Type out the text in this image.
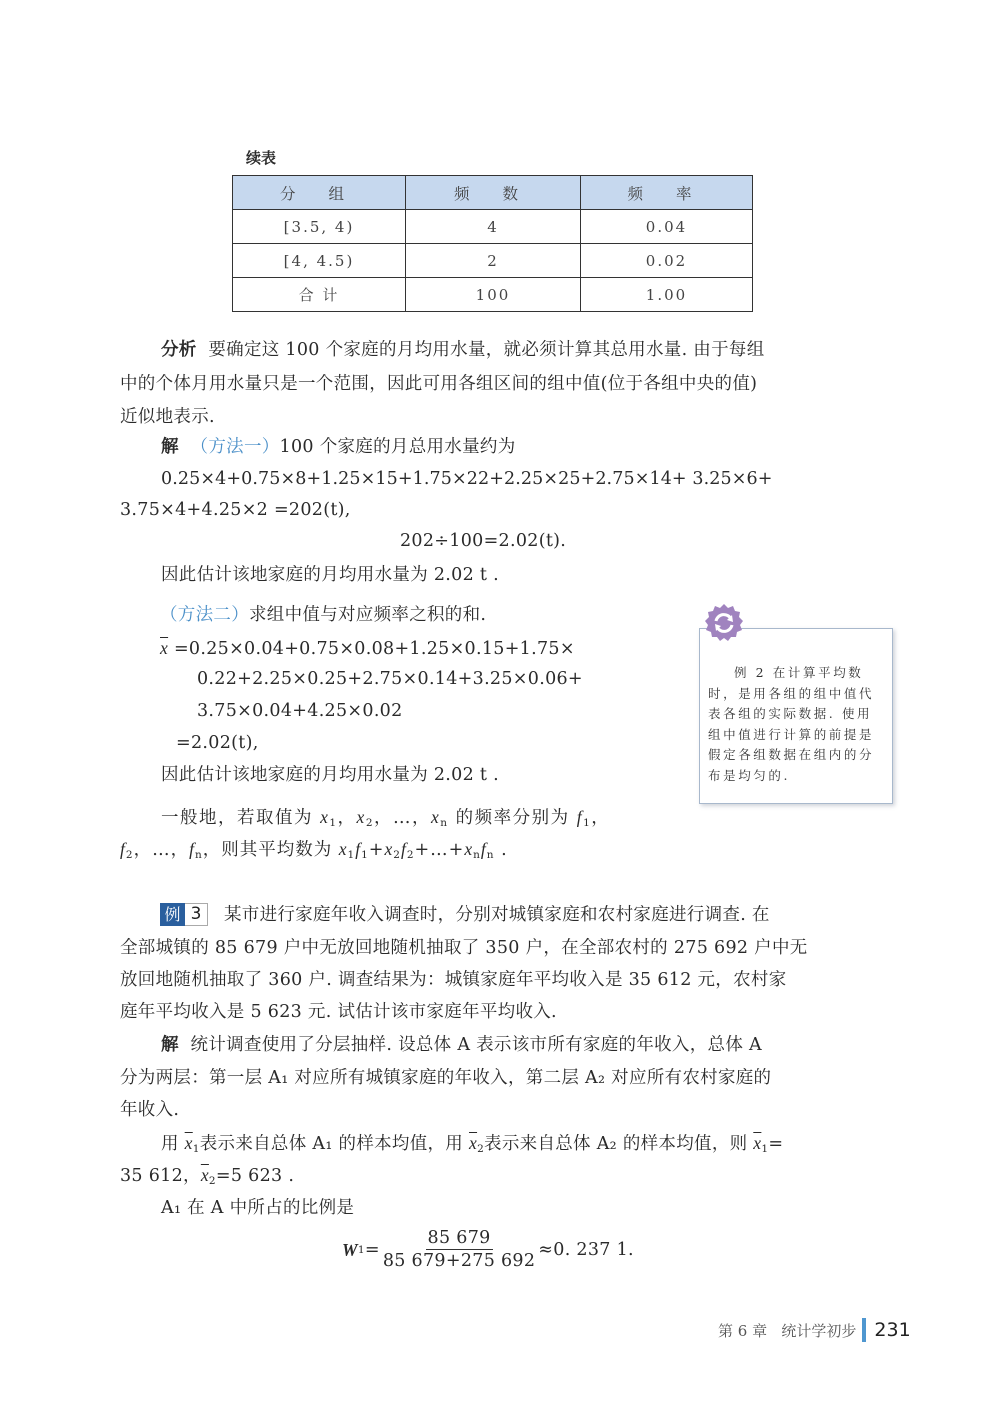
续表
分 组	频 数	频 率
[3.5, 4)	4	0.04
[4, 4.5)	2	0.02
合 计	100	1.00
分析 要确定这 100 个家庭的月均用水量，就必须计算其总用水量. 由于每组
中的个体月用水量只是一个范围，因此可用各组区间的组中值(位于各组中央的值)
近似地表示.
解 （方法一）100 个家庭的月总用水量约为
0.25×4+0.75×8+1.25×15+1.75×22+2.25×25+2.75×14+ 3.25×6+
3.75×4+4.25×2 =202(t),
202÷100=2.02(t).
因此估计该地家庭的月均用水量为 2.02 t .
（方法二）求组中值与对应频率之积的和.
$\overline{x} =0.25\times 0.04+0.75\times 0.08+1.25\times 0.15+1.75\times$
0.22+2.25×0.25+2.75×0.14+3.25×0.06+
3.75×0.04+4.25×0.02
=2.02(t),
因此估计该地家庭的月均用水量为 2.02 t .
一般地，若取值为 $x_1$，$x_2$，…，$x_n$ 的频率分别为 $f_1$，
$f_2$，…，$f_n$，则其平均数为 $x_1f_1+x_2f_2+\dots+x_nf_n$ .
例 2 在计算平均数时，是用各组的组中值代表各组的实际数据. 使用组中值进行计算的前提是假定各组数据在组内的分布是均匀的.
例 3	某市进行家庭年收入调查时，分别对城镇家庭和农村家庭进行调查. 在
全部城镇的 85 679 户中无放回地随机抽取了 350 户，在全部农村的 275 692 户中无
放回地随机抽取了 360 户. 调查结果为：城镇家庭年平均收入是 35 612 元，农村家
庭年平均收入是 5 623 元. 试估计该市家庭年平均收入.
解 统计调查使用了分层抽样. 设总体 A 表示该市所有家庭的年收入，总体 A
分为两层：第一层 A₁ 对应所有城镇家庭的年收入，第二层 A₂ 对应所有农村家庭的
年收入.
用 $\overline{x}_1$表示来自总体 A₁ 的样本均值，用 $\overline{x}_2$表示来自总体 A₂ 的样本均值，则 $\overline{x}_1=$
35 612，$\overline{x}_2=5$ 623 .
A₁ 在 A 中所占的比例是
W $1 = \frac{85 679}{85 679+275 692} \approx 0$. 237 1.
第 6 章
统计学初步 231
